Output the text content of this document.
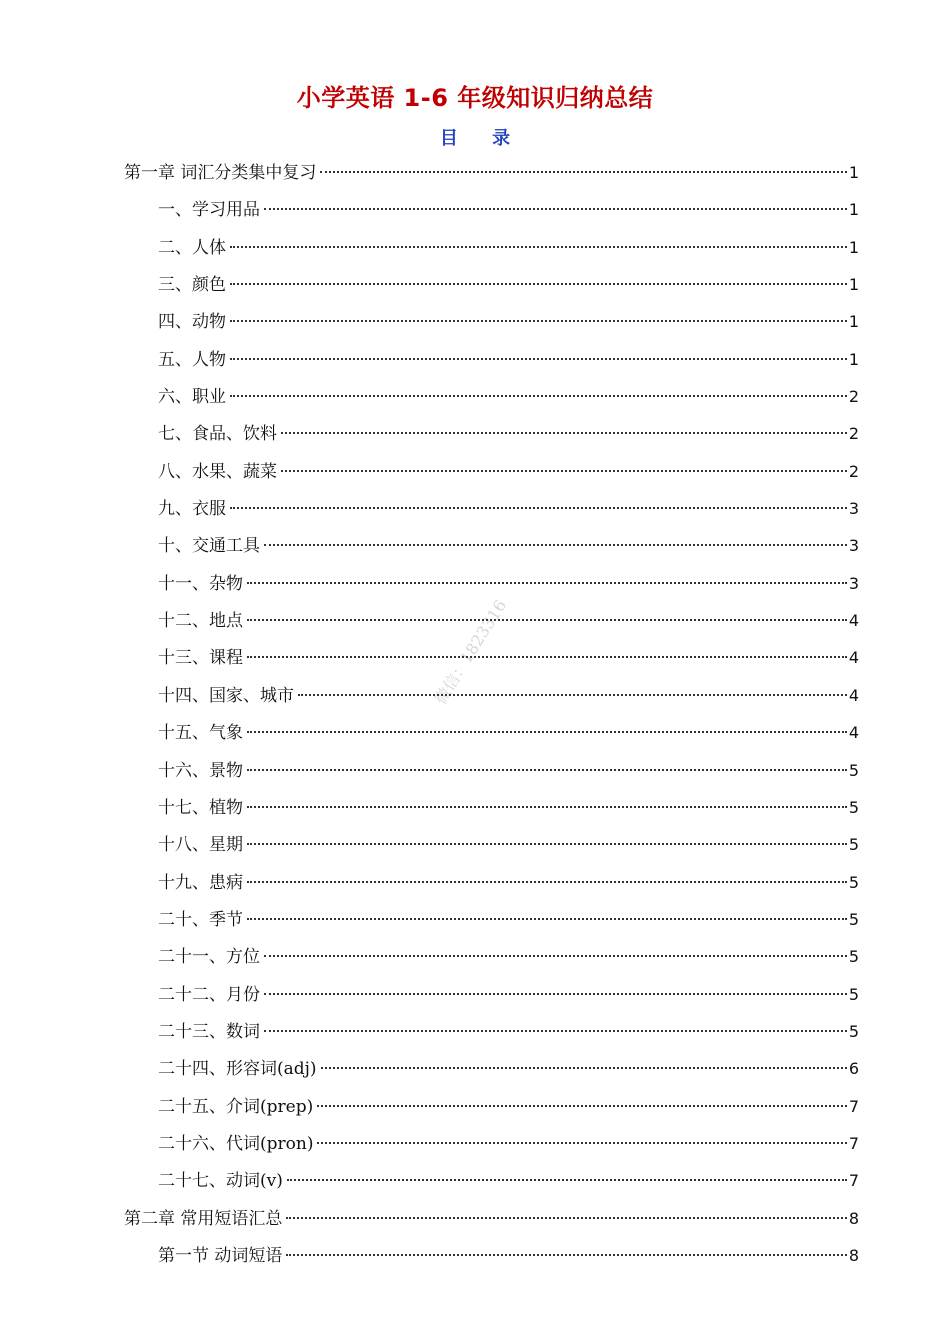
小学英语 1-6 年级知识归纳总结
目 录
微信：1823316
第一章 词汇分类集中复习	1
一、学习用品	1
二、人体	1
三、颜色	1
四、动物	1
五、人物	1
六、职业	2
七、食品、饮料	2
八、水果、蔬菜	2
九、衣服	3
十、交通工具	3
十一、杂物	3
十二、地点	4
十三、课程	4
十四、国家、城市	4
十五、气象	4
十六、景物	5
十七、植物	5
十八、星期	5
十九、患病	5
二十、季节	5
二十一、方位	5
二十二、月份	5
二十三、数词	5
二十四、形容词(adj)	6
二十五、介词(prep)	7
二十六、代词(pron)	7
二十七、动词(v)	7
第二章 常用短语汇总	8
第一节 动词短语	8
